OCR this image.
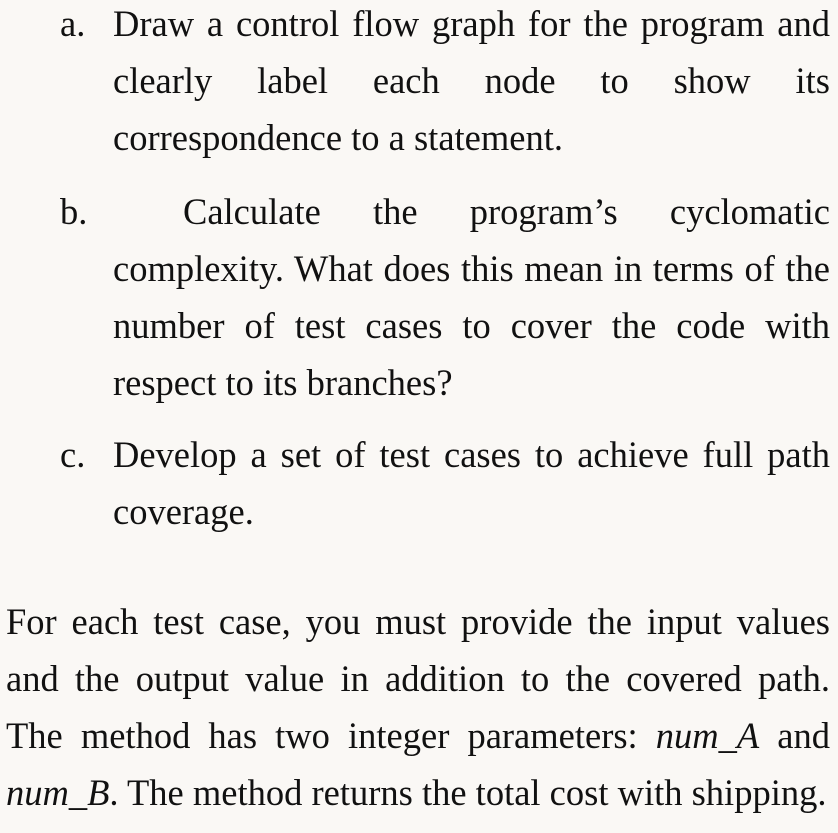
a. Draw a control flow graph for the program and clearly label each node to show its correspondence to a statement.
b.	Calculate the program’s cyclomatic complexity. What does this mean in terms of the number of test cases to cover the code with respect to its branches?
c. Develop a set of test cases to achieve full path coverage.

For each test case, you must provide the input values and the output value in addition to the covered path. The method has two integer parameters: num_A and num_B. The method returns the total cost with shipping.
